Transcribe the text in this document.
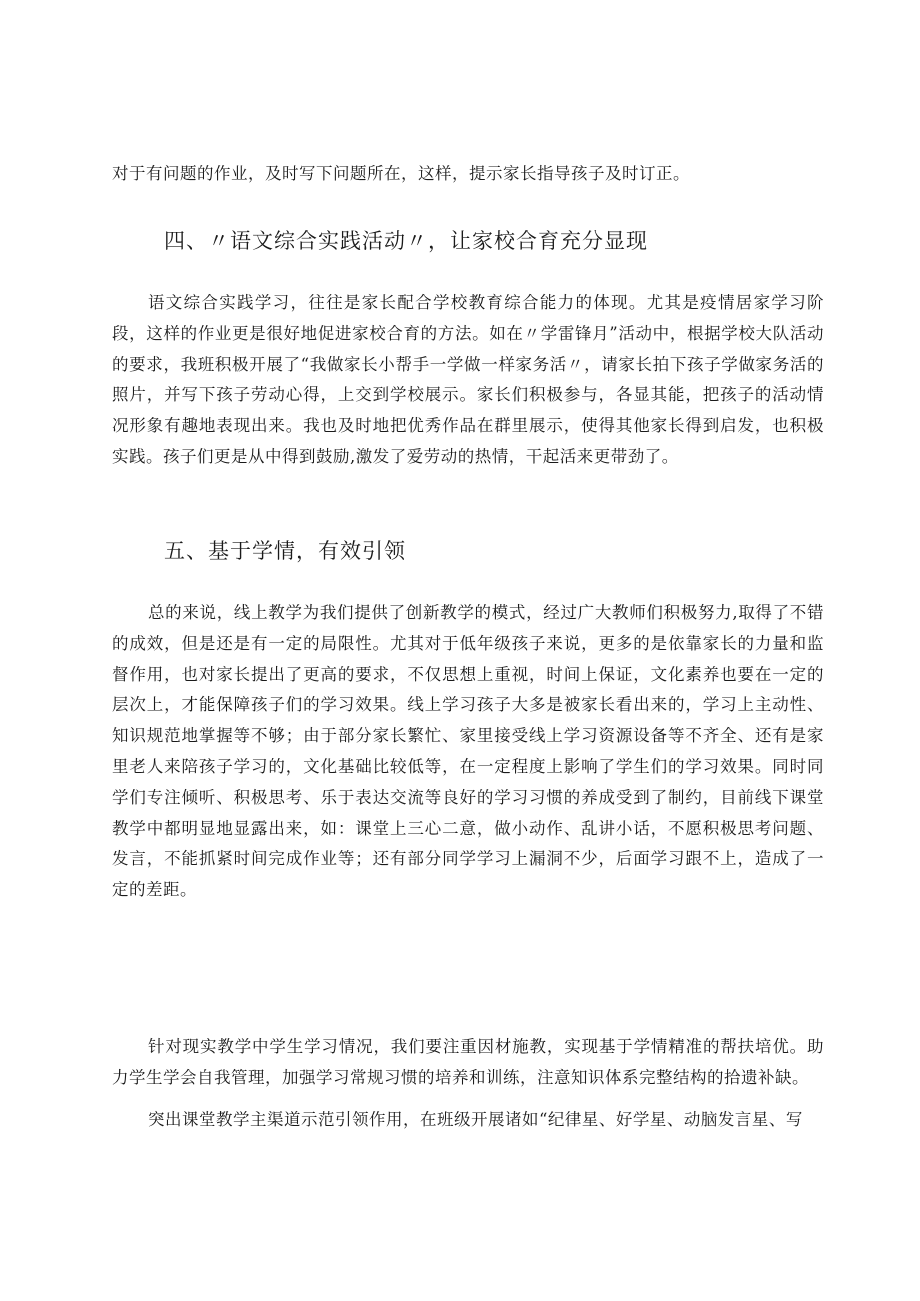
对于有问题的作业，及时写下问题所在，这样，提示家长指导孩子及时订正。

四、〃语文综合实践活动〃，让家校合育充分显现

语文综合实践学习，往往是家长配合学校教育综合能力的体现。尤其是疫情居家学习阶段，这样的作业更是很好地促进家校合育的方法。如在〃学雷锋月”活动中，根据学校大队活动的要求，我班积极开展了“我做家长小帮手一学做一样家务活〃，请家长拍下孩子学做家务活的照片，并写下孩子劳动心得，上交到学校展示。家长们积极参与，各显其能，把孩子的活动情况形象有趣地表现出来。我也及时地把优秀作品在群里展示，使得其他家长得到启发，也积极实践。孩子们更是从中得到鼓励,激发了爱劳动的热情，干起活来更带劲了。

五、基于学情，有效引领

总的来说，线上教学为我们提供了创新教学的模式，经过广大教师们积极努力,取得了不错的成效，但是还是有一定的局限性。尤其对于低年级孩子来说，更多的是依靠家长的力量和监督作用，也对家长提出了更高的要求，不仅思想上重视，时间上保证，文化素养也要在一定的层次上，才能保障孩子们的学习效果。线上学习孩子大多是被家长看出来的，学习上主动性、知识规范地掌握等不够；由于部分家长繁忙、家里接受线上学习资源设备等不齐全、还有是家里老人来陪孩子学习的，文化基础比较低等，在一定程度上影响了学生们的学习效果。同时同学们专注倾听、积极思考、乐于表达交流等良好的学习习惯的养成受到了制约，目前线下课堂教学中都明显地显露出来，如：课堂上三心二意，做小动作、乱讲小话，不愿积极思考问题、发言，不能抓紧时间完成作业等；还有部分同学学习上漏洞不少，后面学习跟不上，造成了一定的差距。

针对现实教学中学生学习情况，我们要注重因材施教，实现基于学情精准的帮扶培优。助力学生学会自我管理，加强学习常规习惯的培养和训练，注意知识体系完整结构的拾遗补缺。

突出课堂教学主渠道示范引领作用，在班级开展诸如“纪律星、好学星、动脑发言星、写
